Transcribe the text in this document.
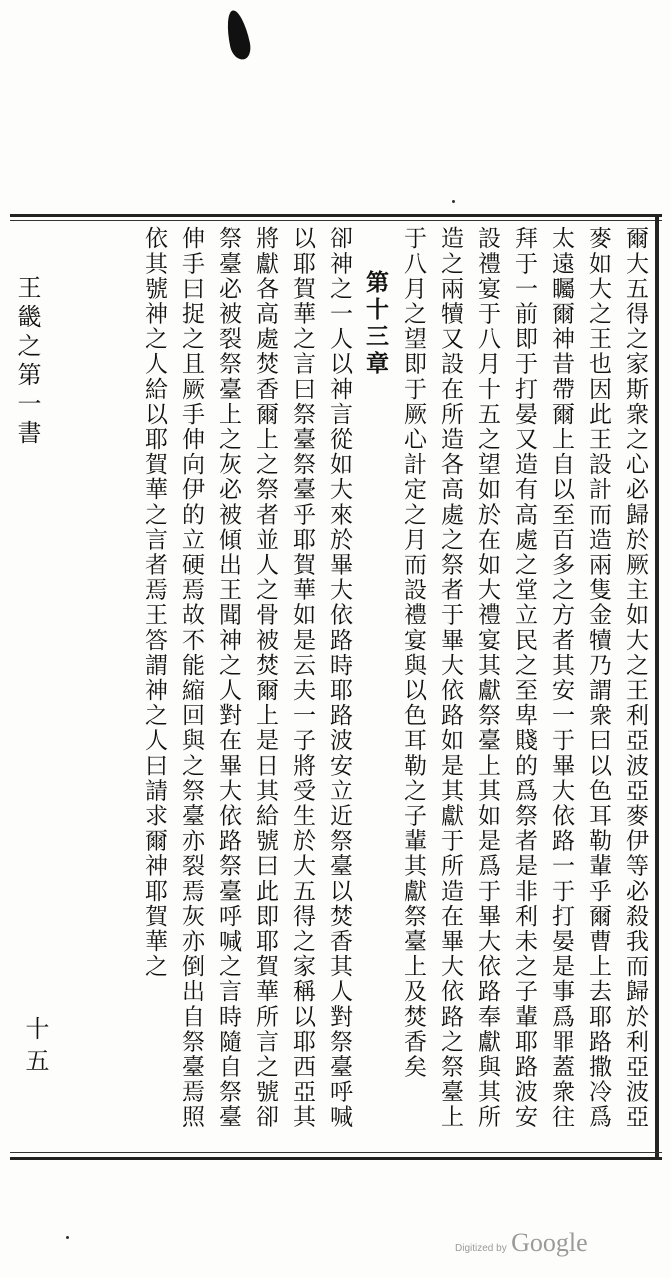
爾大五得之家斯衆之心必歸於厥主如大之王利亞波亞麥伊等必殺我而歸於利亞波亞麥如大之王也因此王設計而造兩隻金犢乃謂衆曰以色耳勒輩乎爾曹上去耶路撒冷爲太遠矚爾神昔帶爾上自以至百多之方者其安一于畢大依路一于打晏是事爲罪蓋衆往拜于一前即于打晏又造有高處之堂立民之至卑賤的爲祭者是非利未之子輩耶路波安設禮宴于八月十五之望如於在如大禮宴其獻祭臺上其如是爲于畢大依路奉獻與其所造之兩犢又設在所造各高處之祭者于畢大依路如是其獻于所造在畢大依路之祭臺上于八月之望即于厥心計定之月而設禮宴與以色耳勒之子輩其獻祭臺上及焚香矣

第十三章

卻神之一人以神言從如大來於畢大依路時耶路波安立近祭臺以焚香其人對祭臺呼喊以耶賀華之言曰祭臺祭臺乎耶賀華如是云夫一子將受生於大五得之家稱以耶西亞其將獻各高處焚香爾上之祭者並人之骨被焚爾上是日其給號曰此即耶賀華所言之號卻祭臺必被裂祭臺上之灰必被傾出王聞神之人對在畢大依路祭臺呼喊之言時隨自祭臺伸手曰捉之且厥手伸向伊的立硬焉故不能縮回與之祭臺亦裂焉灰亦倒出自祭臺焉照依其號神之人給以耶賀華之言者焉王答謂神之人曰請求爾神耶賀華之

王畿之第一書
十五
Digitized by Google
